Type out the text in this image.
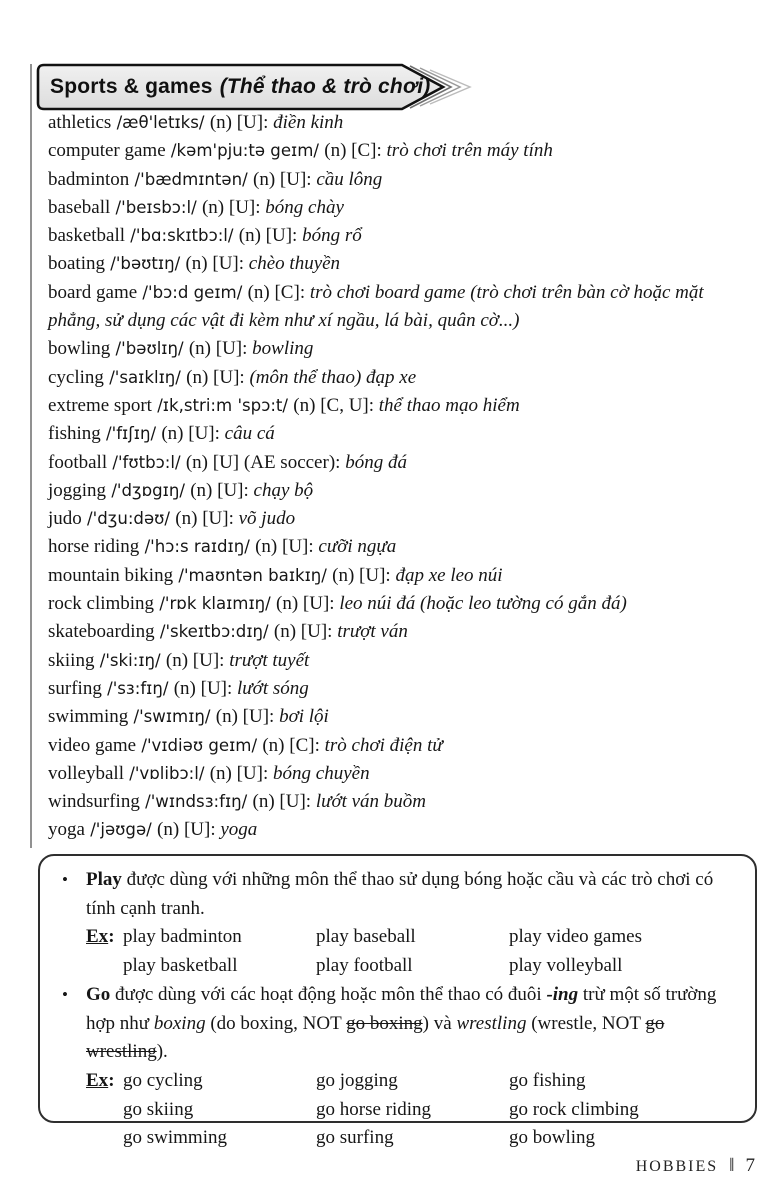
Sports & games (Thể thao & trò chơi)
athletics /æθ'letɪks/ (n) [U]: điền kinh
computer game /kəm'pju:tə geɪm/ (n) [C]: trò chơi trên máy tính
badminton /'bædmɪntən/ (n) [U]: cầu lông
baseball /'beɪsbɔ:l/ (n) [U]: bóng chày
basketball /'bɑ:skɪtbɔ:l/ (n) [U]: bóng rổ
boating /'bəʊtɪŋ/ (n) [U]: chèo thuyền
board game /'bɔ:d geɪm/ (n) [C]: trò chơi board game (trò chơi trên bàn cờ hoặc mặt phẳng, sử dụng các vật đi kèm như xí ngầu, lá bài, quân cờ...)
bowling /'bəʊlɪŋ/ (n) [U]: bowling
cycling /'saɪklɪŋ/ (n) [U]: (môn thể thao) đạp xe
extreme sport /ɪk,stri:m 'spɔ:t/ (n) [C, U]: thể thao mạo hiểm
fishing /'fɪʃɪŋ/ (n) [U]: câu cá
football /'fʊtbɔ:l/ (n) [U] (AE soccer): bóng đá
jogging /'dʒɒgɪŋ/ (n) [U]: chạy bộ
judo /'dʒu:dəʊ/ (n) [U]: võ judo
horse riding /'hɔ:s raɪdɪŋ/ (n) [U]: cưỡi ngựa
mountain biking /'maʊntən baɪkɪŋ/ (n) [U]: đạp xe leo núi
rock climbing /'rɒk klaɪmɪŋ/ (n) [U]: leo núi đá (hoặc leo tường có gắn đá)
skateboarding /'skeɪtbɔ:dɪŋ/ (n) [U]: trượt ván
skiing /'ski:ɪŋ/ (n) [U]: trượt tuyết
surfing /'sɜ:fɪŋ/ (n) [U]: lướt sóng
swimming /'swɪmɪŋ/ (n) [U]: bơi lội
video game /'vɪdiəʊ geɪm/ (n) [C]: trò chơi điện tử
volleyball /'vɒlibɔ:l/ (n) [U]: bóng chuyền
windsurfing /'wɪndsɜ:fɪŋ/ (n) [U]: lướt ván buồm
yoga /'jəʊgə/ (n) [U]: yoga
• Play được dùng với những môn thể thao sử dụng bóng hoặc cầu và các trò chơi có tính cạnh tranh.
Ex: play badminton	play baseball	play video games
play basketball	play football	play volleyball
• Go được dùng với các hoạt động hoặc môn thể thao có đuôi -ing trừ một số trường hợp như boxing (do boxing, NOT go boxing) và wrestling (wrestle, NOT go wrestling).
Ex: go cycling	go jogging	go fishing
go skiing	go horse riding	go rock climbing
go swimming	go surfing	go bowling
HOBBIES ‖ 7
